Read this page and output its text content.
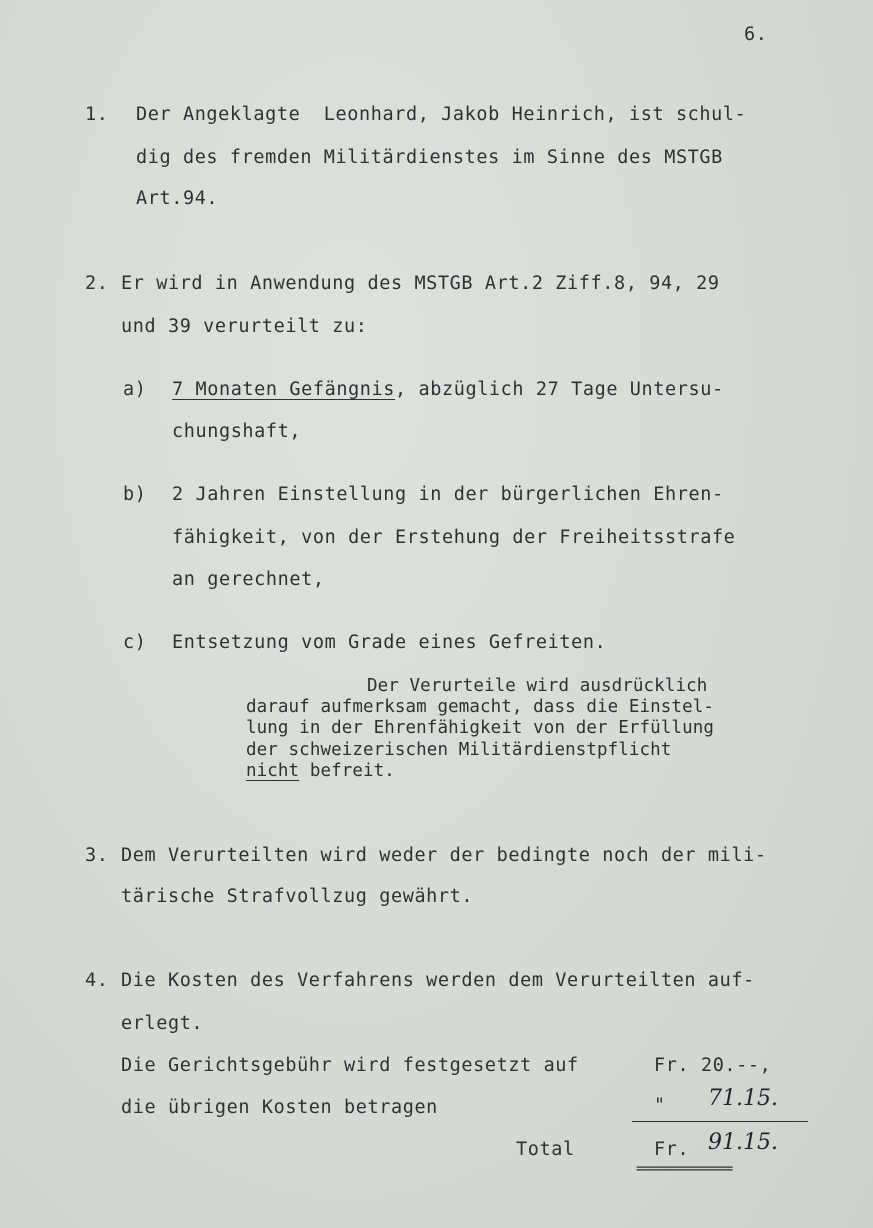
6.
1. Der Angeklagte  Leonhard, Jakob Heinrich, ist schul-
dig des fremden Militärdienstes im Sinne des MSTGB
Art.94.
2. Er wird in Anwendung des MSTGB Art.2 Ziff.8, 94, 29
und 39 verurteilt zu:
a) 7 Monaten Gefängnis, abzüglich 27 Tage Untersu-
chungshaft,
b) 2 Jahren Einstellung in der bürgerlichen Ehren-
fähigkeit, von der Erstehung der Freiheitsstrafe
an gerechnet,
c) Entsetzung vom Grade eines Gefreiten.
Der Verurteile wird ausdrücklich
darauf aufmerksam gemacht, dass die Einstel-
lung in der Ehrenfähigkeit von der Erfüllung
der schweizerischen Militärdienstpflicht
nicht befreit.
3. Dem Verurteilten wird weder der bedingte noch der mili-
tärische Strafvollzug gewährt.
4. Die Kosten des Verfahrens werden dem Verurteilten auf-
erlegt.
Die Gerichtsgebühr wird festgesetzt auf	Fr. 20.--,
die übrigen Kosten betragen	" 71.15.
Total	Fr. 91.15.
==============
